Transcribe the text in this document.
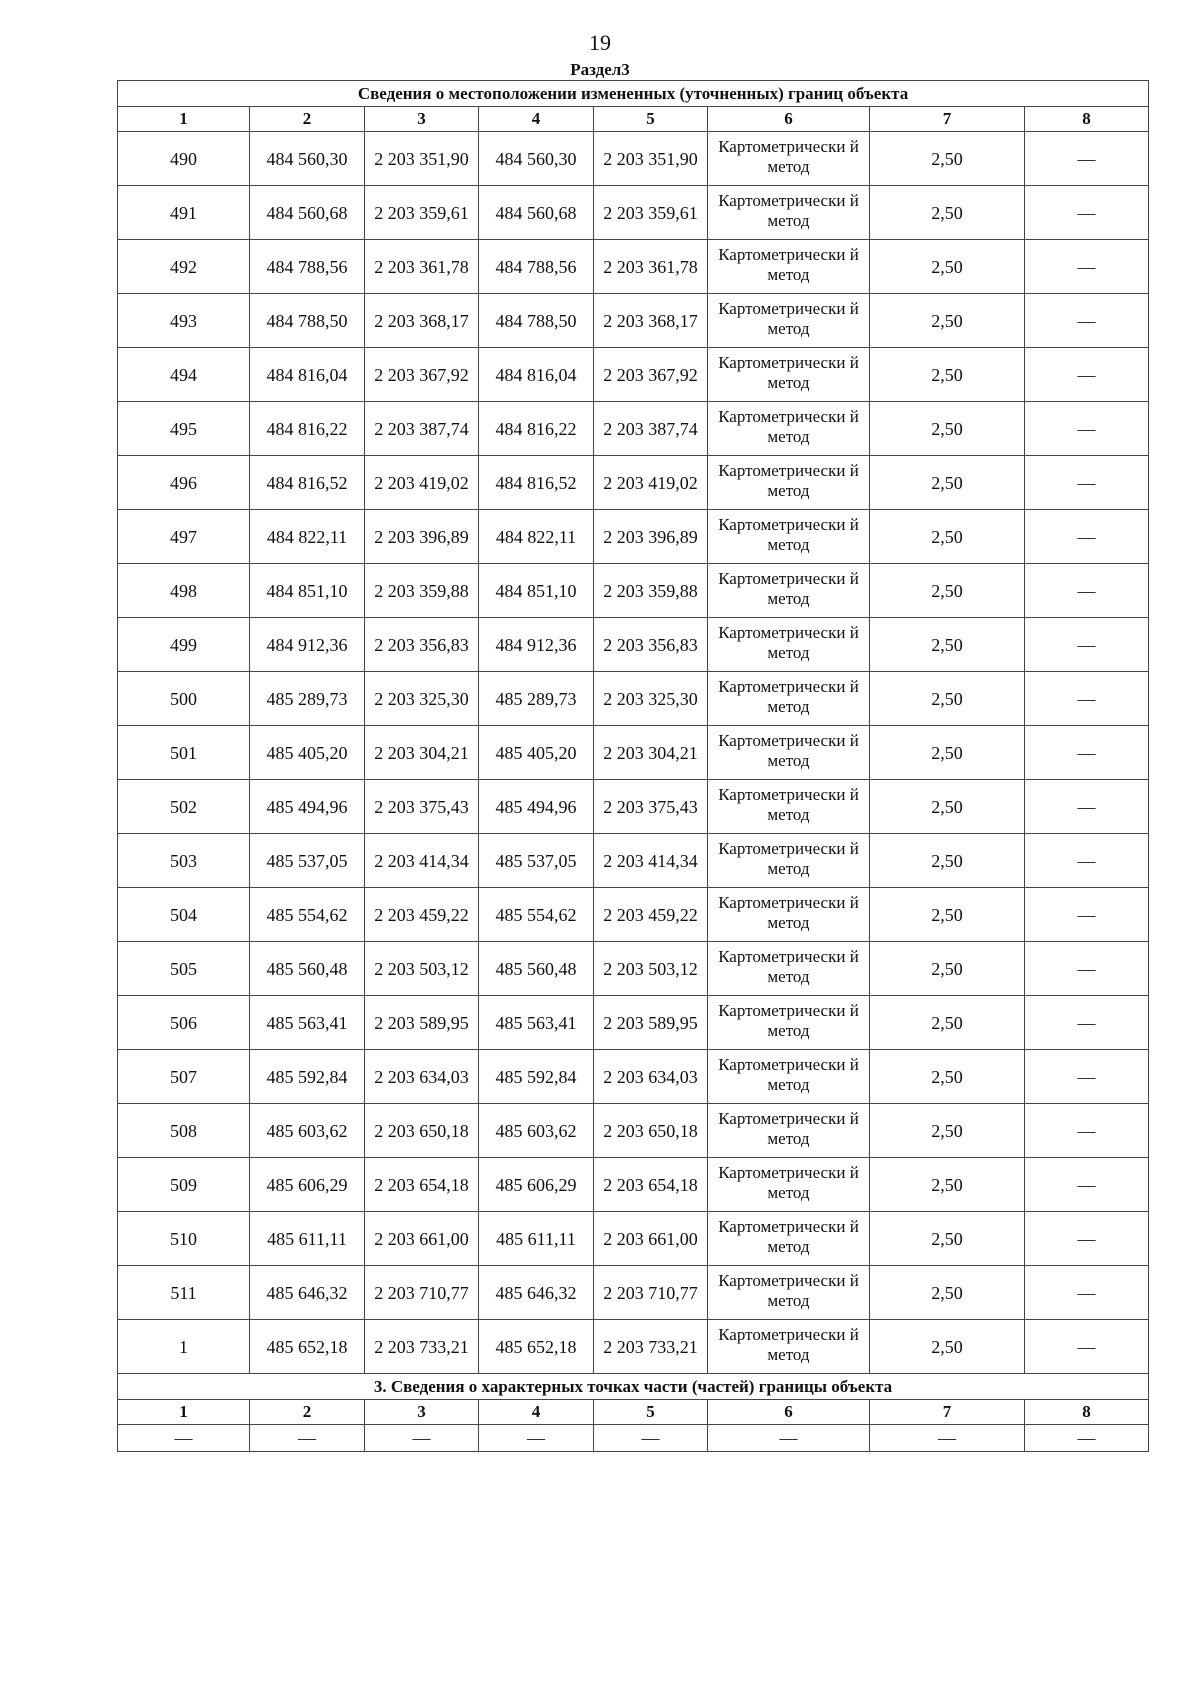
19
Раздел3
Сведения о местоположении измененных (уточненных) границ объекта							
1	2	3	4	5	6	7	8
490	484 560,30	2 203 351,90	484 560,30	2 203 351,90	Картометрически й метод	2,50	—
491	484 560,68	2 203 359,61	484 560,68	2 203 359,61	Картометрически й метод	2,50	—
492	484 788,56	2 203 361,78	484 788,56	2 203 361,78	Картометрически й метод	2,50	—
493	484 788,50	2 203 368,17	484 788,50	2 203 368,17	Картометрически й метод	2,50	—
494	484 816,04	2 203 367,92	484 816,04	2 203 367,92	Картометрически й метод	2,50	—
495	484 816,22	2 203 387,74	484 816,22	2 203 387,74	Картометрически й метод	2,50	—
496	484 816,52	2 203 419,02	484 816,52	2 203 419,02	Картометрически й метод	2,50	—
497	484 822,11	2 203 396,89	484 822,11	2 203 396,89	Картометрически й метод	2,50	—
498	484 851,10	2 203 359,88	484 851,10	2 203 359,88	Картометрически й метод	2,50	—
499	484 912,36	2 203 356,83	484 912,36	2 203 356,83	Картометрически й метод	2,50	—
500	485 289,73	2 203 325,30	485 289,73	2 203 325,30	Картометрически й метод	2,50	—
501	485 405,20	2 203 304,21	485 405,20	2 203 304,21	Картометрически й метод	2,50	—
502	485 494,96	2 203 375,43	485 494,96	2 203 375,43	Картометрически й метод	2,50	—
503	485 537,05	2 203 414,34	485 537,05	2 203 414,34	Картометрически й метод	2,50	—
504	485 554,62	2 203 459,22	485 554,62	2 203 459,22	Картометрически й метод	2,50	—
505	485 560,48	2 203 503,12	485 560,48	2 203 503,12	Картометрически й метод	2,50	—
506	485 563,41	2 203 589,95	485 563,41	2 203 589,95	Картометрически й метод	2,50	—
507	485 592,84	2 203 634,03	485 592,84	2 203 634,03	Картометрически й метод	2,50	—
508	485 603,62	2 203 650,18	485 603,62	2 203 650,18	Картометрически й метод	2,50	—
509	485 606,29	2 203 654,18	485 606,29	2 203 654,18	Картометрически й метод	2,50	—
510	485 611,11	2 203 661,00	485 611,11	2 203 661,00	Картометрически й метод	2,50	—
511	485 646,32	2 203 710,77	485 646,32	2 203 710,77	Картометрически й метод	2,50	—
1	485 652,18	2 203 733,21	485 652,18	2 203 733,21	Картометрически й метод	2,50	—
3. Сведения о характерных точках части (частей) границы объекта							
1	2	3	4	5	6	7	8
—	—	—	—	—	—	—	—
